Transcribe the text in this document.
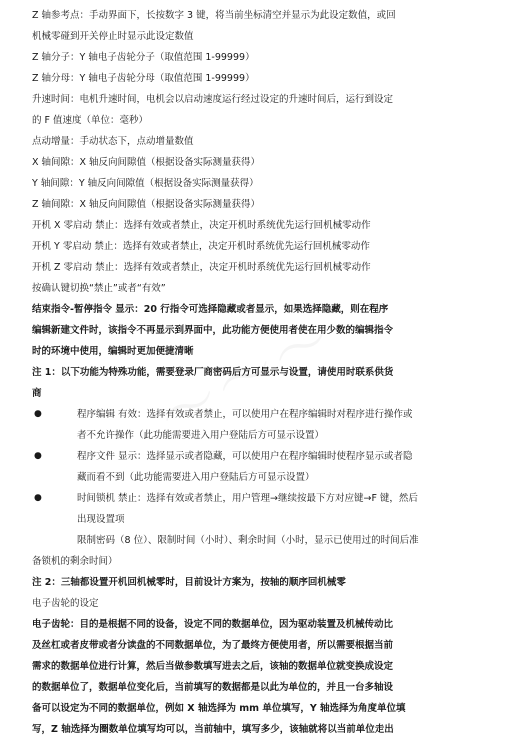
Z 轴参考点：手动界面下，长按数字 3 键，将当前坐标清空并显示为此设定数值，或回
机械零碰到开关停止时显示此设定数值
Z 轴分子：Y 轴电子齿轮分子（取值范围 1-99999）
Z 轴分母：Y 轴电子齿轮分母（取值范围 1-99999）
升速时间：电机升速时间，电机会以启动速度运行经过设定的升速时间后，运行到设定
的 F 值速度（单位：毫秒）
点动增量：手动状态下，点动增量数值
X 轴间隙：X 轴反向间隙值（根据设备实际测量获得）
Y 轴间隙：Y 轴反向间隙值（根据设备实际测量获得）
Z 轴间隙：X 轴反向间隙值（根据设备实际测量获得）
开机 X 零启动 禁止：选择有效或者禁止，决定开机时系统优先运行回机械零动作
开机 Y 零启动 禁止：选择有效或者禁止，决定开机时系统优先运行回机械零动作
开机 Z 零启动 禁止：选择有效或者禁止，决定开机时系统优先运行回机械零动作
按确认键切换“禁止”或者“有效”
结束指令-暂停指令 显示：20 行指令可选择隐藏或者显示，如果选择隐藏，则在程序
编辑新建文件时，该指令不再显示到界面中，此功能方便使用者使在用少数的编辑指令
时的环境中使用，编辑时更加便捷清晰
注 1：以下功能为特殊功能，需要登录厂商密码后方可显示与设置，请使用时联系供货
商
●	程序编辑 有效：选择有效或者禁止，可以使用户在程序编辑时对程序进行操作或
者不允许操作（此功能需要进入用户登陆后方可显示设置）
●	程序文件 显示：选择显示或者隐藏，可以使用户在程序编辑时使程序显示或者隐
藏而看不到（此功能需要进入用户登陆后方可显示设置）
●	时间锁机 禁止：选择有效或者禁止，用户管理→继续按最下方对应键→F 键，然后
出现设置项
限制密码（8 位）、限制时间（小时）、剩余时间（小时，显示已使用过的时间后准
备锁机的剩余时间）
注 2：三轴都设置开机回机械零时，目前设计方案为，按轴的顺序回机械零
电子齿轮的设定
电子齿轮：目的是根据不同的设备，设定不同的数据单位，因为驱动装置及机械传动比
及丝杠或者皮带或者分读盘的不同数据单位，为了最终方便使用者，所以需要根据当前
需求的数据单位进行计算，然后当做参数填写进去之后，该轴的数据单位就变换成设定
的数据单位了，数据单位变化后，当前填写的数据都是以此为单位的，并且一台多轴设
备可以设定为不同的数据单位，例如 X 轴选择为 mm 单位填写，Y 轴选择为角度单位填
写，Z 轴选择为圈数单位填写均可以，当前轴中，填写多少，该轴就将以当前单位走出
